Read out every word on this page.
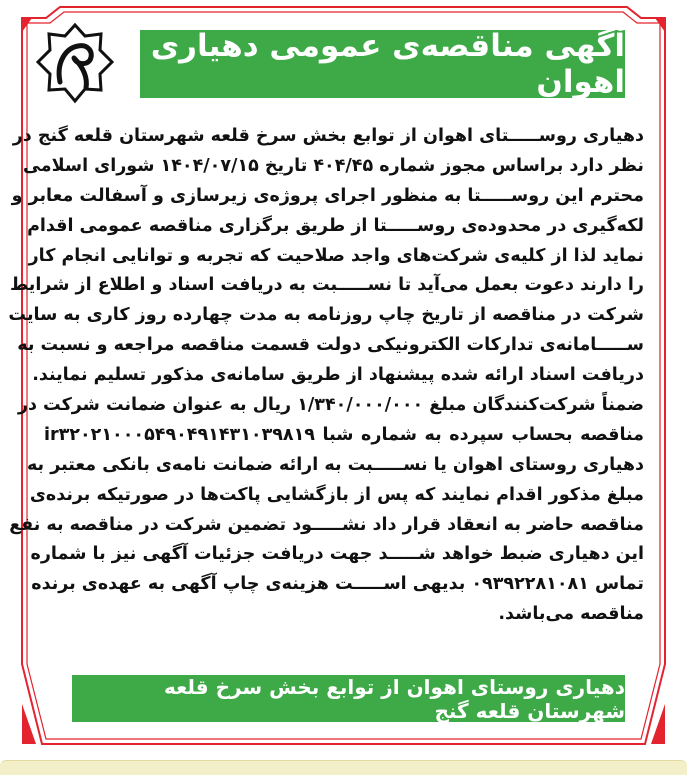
آگهی مناقصه‌ی عمومی دهیاری اهوان
دهیاری روســـــتای اهوان از توابع بخش سرخ قلعه شهرستان قلعه گنج در
نظر دارد براساس مجوز شماره ۴۰۴/۴۵ تاریخ ۱۴۰۴/۰۷/۱۵ شورای اسلامی
محترم این روســـــتا به منظور اجرای پروژه‌ی زیرسازی و آسفالت معابر و
لکه‌گیری در محدوده‌ی روســـــتا از طریق برگزاری مناقصه عمومی اقدام
نماید لذا از کلیه‌ی شرکت‌های واجد صلاحیت که تجربه و توانایی انجام کار
را دارند دعوت بعمل می‌آید تا نســـــبت به دریافت اسناد و اطلاع از شرایط
شرکت در مناقصه از تاریخ چاپ روزنامه به مدت چهارده روز کاری به سایت
ســـــامانه‌ی تدارکات الکترونیکی دولت قسمت مناقصه مراجعه و نسبت به
دریافت اسناد ارائه شده پیشنهاد از طریق سامانه‌ی مذکور تسلیم نمایند.
ضمناً شرکت‌کنندگان مبلغ ۱/۳۴۰/۰۰۰/۰۰۰ ریال به عنوان ضمانت شرکت در
مناقصه بحساب سپرده به شماره شبا ir۳۲۰۲۱۰۰۰۵۴۹۰۴۹۱۴۳۱۰۳۹۸۱۹
دهیاری روستای اهوان یا نســـــبت به ارائه ضمانت نامه‌ی بانکی معتبر به
مبلغ مذکور اقدام نمایند که پس از بازگشایی پاکت‌ها در صورتیکه برنده‌ی
مناقصه حاضر به انعقاد قرار داد نشـــــود تضمین شرکت در مناقصه به نفع
این دهیاری ضبط خواهد شـــــد جهت دریافت جزئیات آگهی نیز با شماره
تماس ۰۹۳۹۲۲۸۱۰۸۱ بدیهی اســـــت هزینه‌ی چاپ آگهی به عهده‌ی برنده
مناقصه می‌باشد.
دهیاری روستای اهوان از توابع بخش سرخ قلعه شهرستان قلعه گنج
